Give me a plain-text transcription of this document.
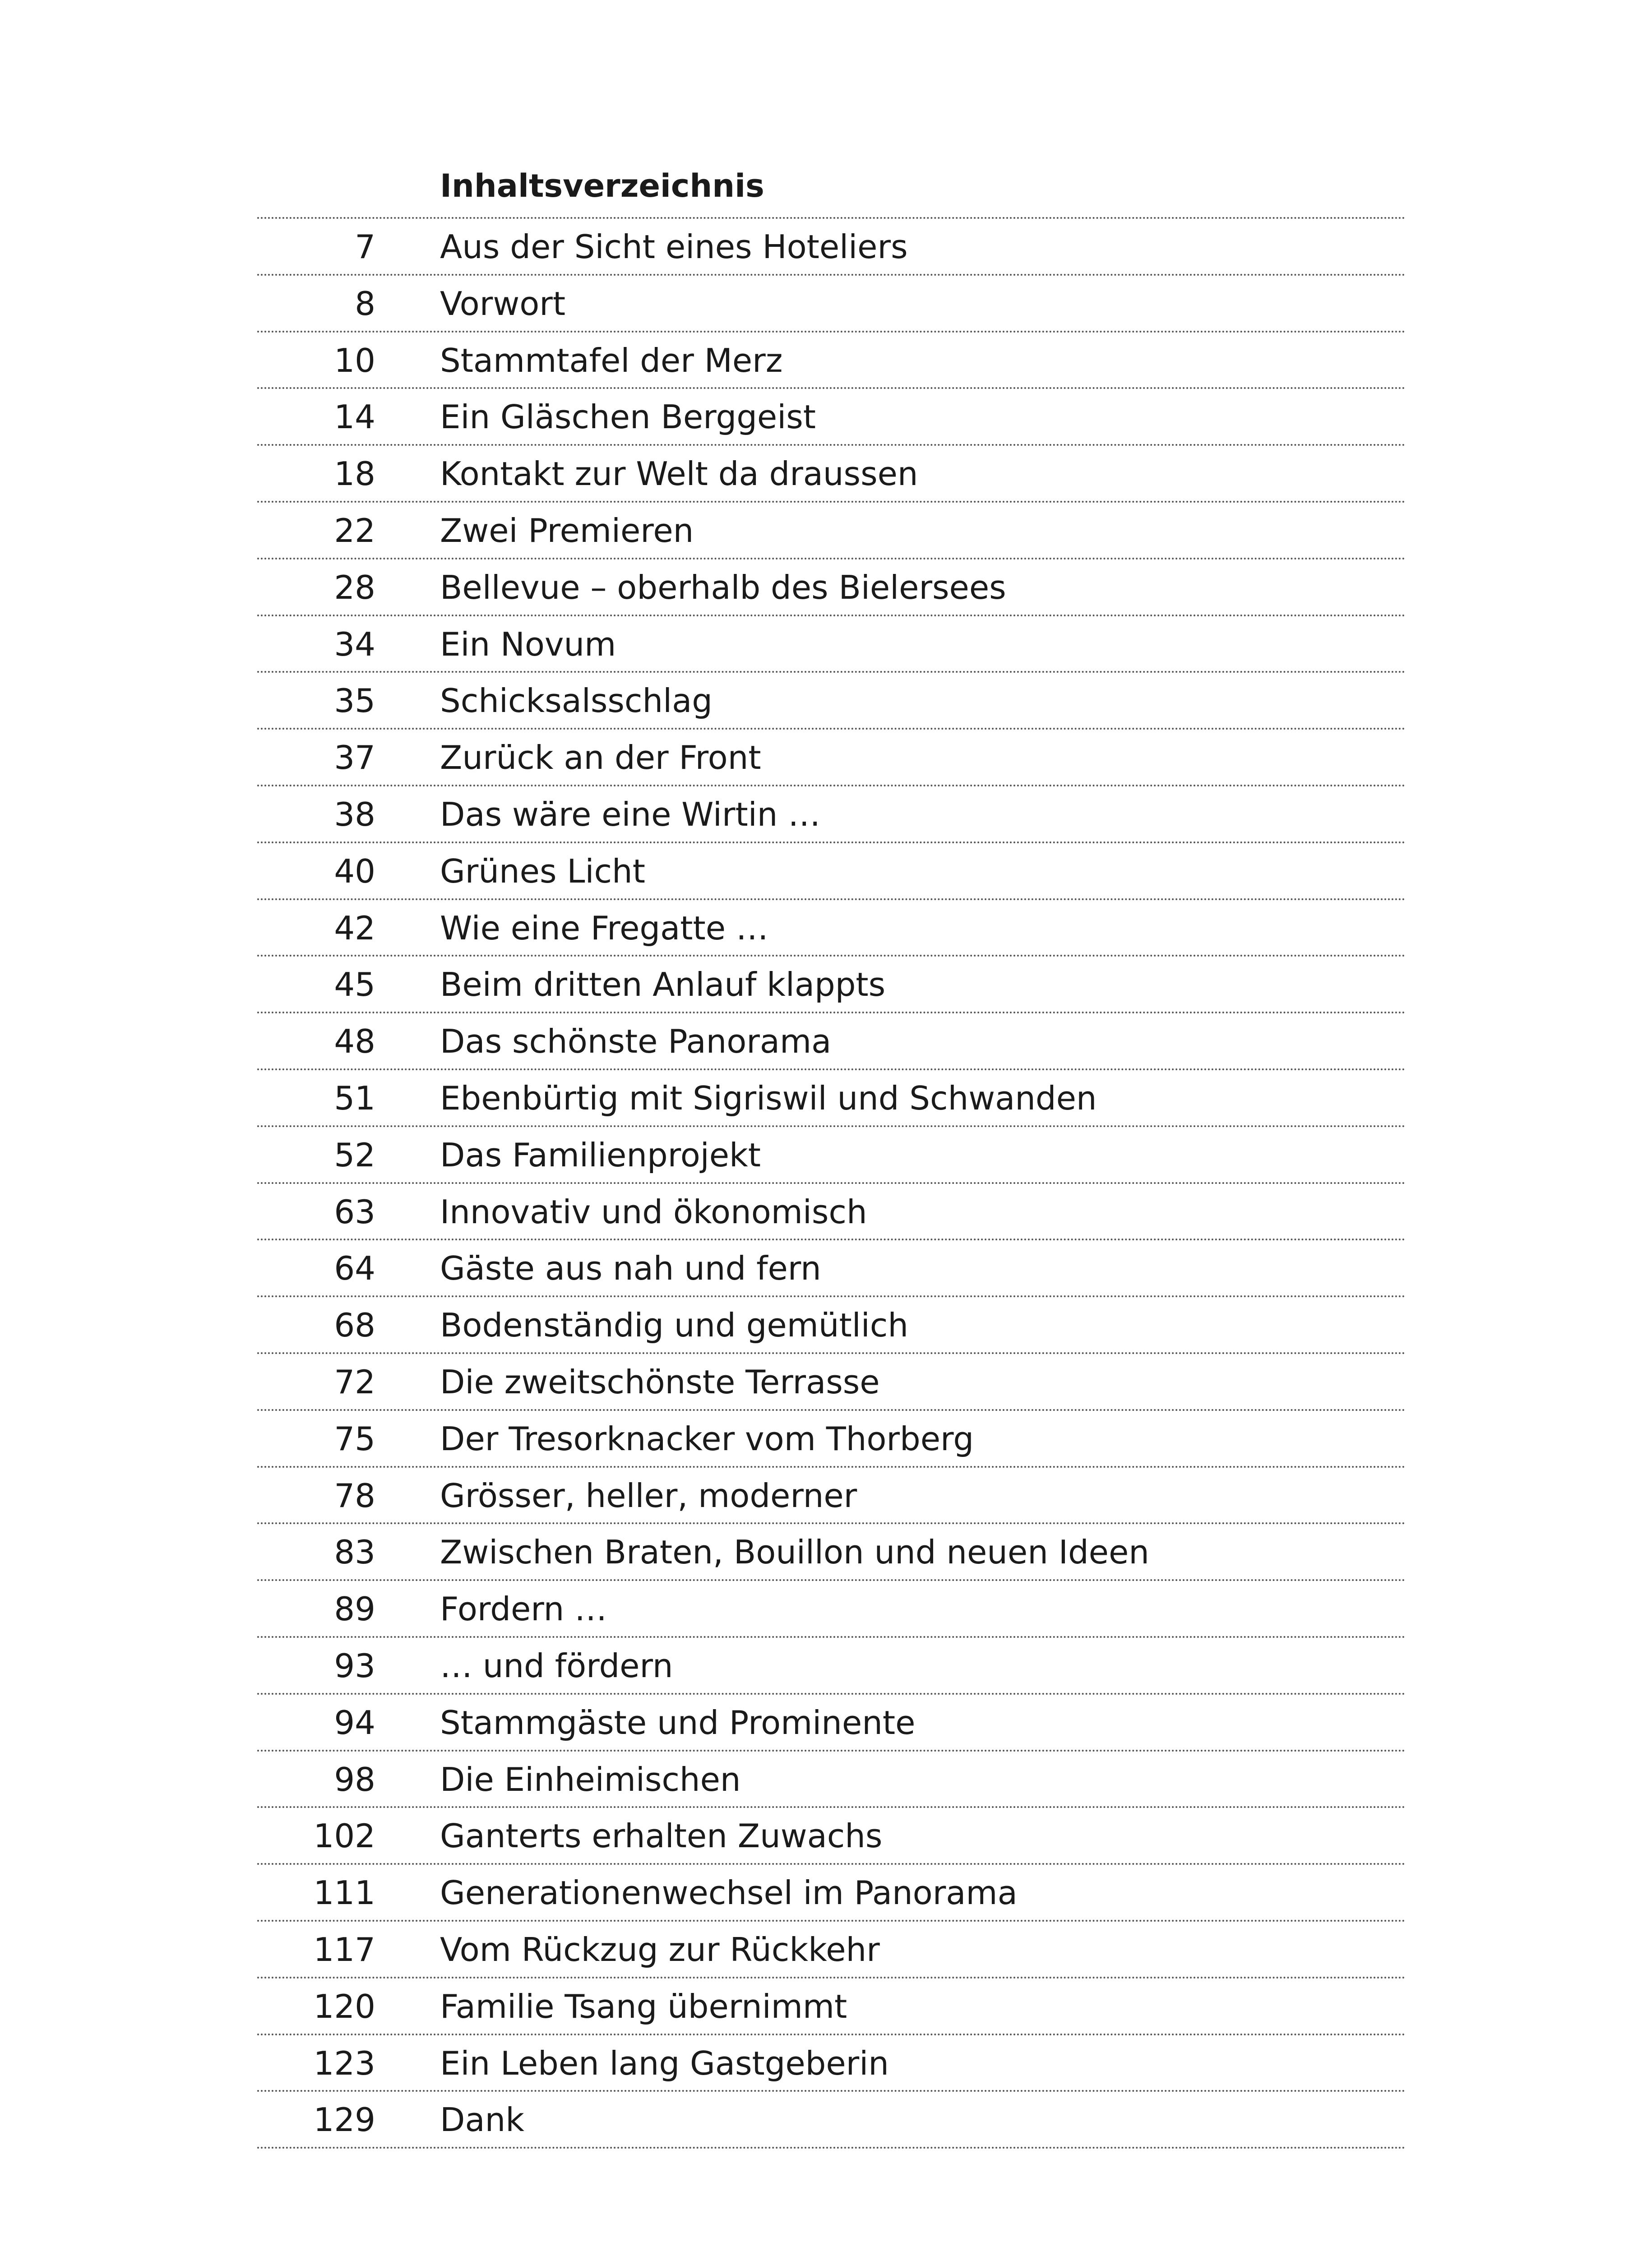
Inhaltsverzeichnis
7 Aus der Sicht eines Hoteliers
8 Vorwort
10 Stammtafel der Merz
14 Ein Gläschen Berggeist
18 Kontakt zur Welt da draussen
22 Zwei Premieren
28 Bellevue – oberhalb des Bielersees
34 Ein Novum
35 Schicksalsschlag
37 Zurück an der Front
38 Das wäre eine Wirtin …
40 Grünes Licht
42 Wie eine Fregatte …
45 Beim dritten Anlauf klappts
48 Das schönste Panorama
51 Ebenbürtig mit Sigriswil und Schwanden
52 Das Familienprojekt
63 Innovativ und ökonomisch
64 Gäste aus nah und fern
68 Bodenständig und gemütlich
72 Die zweitschönste Terrasse
75 Der Tresorknacker vom Thorberg
78 Grösser, heller, moderner
83 Zwischen Braten, Bouillon und neuen Ideen
89 Fordern …
93 … und fördern
94 Stammgäste und Prominente
98 Die Einheimischen
102 Ganterts erhalten Zuwachs
111 Generationenwechsel im Panorama
117 Vom Rückzug zur Rückkehr
120 Familie Tsang übernimmt
123 Ein Leben lang Gastgeberin
129 Dank
